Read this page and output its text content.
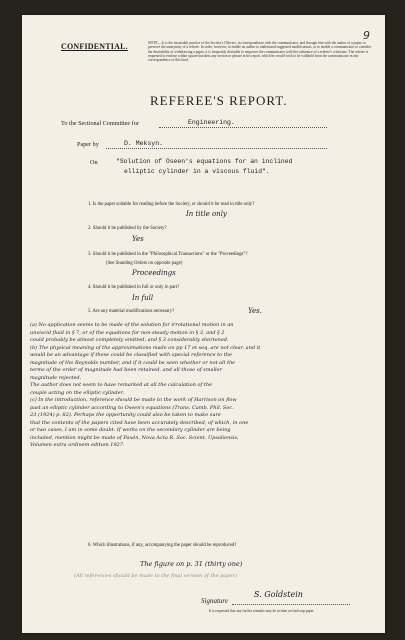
9
CONFIDENTIAL.	NOTE.—It is the invariable practice of the Society's Officers, in correspondence with the communicator, and through him with the author of a paper, to preserve the anonymity of a referee. In order, however, to enable an author to understand suggested modifications, or to enable a communicator to consider the desirability of withdrawing a paper, it is frequently desirable to empower the communicator with the substance of a referee's criticisms. The referee is requested to enclose within square brackets any section or phrase in his report, which he would wish to be withheld from the communicator in any correspondence of this kind.
REFEREE'S REPORT.
To the Sectional Committee for	Engineering.
Paper by	D. Meksyn.
On	"Solution of Oseen's equations for an inclined
elliptic cylinder in a viscous fluid".
1. Is the paper suitable for reading before the Society, or should it be read in title only?
In title only
2. Should it be published by the Society?
Yes
3. Should it be published in the "Philosophical Transactions" or the "Proceedings"?
(See Standing Orders on opposite page)
Proceedings
4. Should it be published in full or only in part?
In full
5. Are any material modifications necessary?	Yes.
(a) No application seems to be made of the solution for irrotational motion in an
unviscid fluid in § 7, or of the equations for non-steady motion in § 3, and § 2
could probably be almost completely omitted, and § 3 considerably shortened.
(b) The physical meaning of the approximations made on pp 17 et seq. are not clear, and it
would be an advantage if these could be classified with special reference to the
magnitude of the Reynolds number, and if it could be seen whether or not all the
terms of the order of magnitude had been retained, and all those of smaller
magnitude rejected.
The author does not seem to have remarked at all the calculation of the
couple acting on the elliptic cylinder.
(c) In the introduction, reference should be made to the work of Harrison on flow
past an elliptic cylinder according to Oseen's equations (Trans. Camb. Phil. Soc.
23 (1924) p. 82). Perhaps the opportunity could also be taken to make sure
that the contents of the papers cited have been accurately described, of which, in one
or two cases, I am in some doubt. If works on the secondary cylinder are being
included, mention might be made of Faxén, Nova Acta R. Soc. Scient. Upsaliensis,
Volumen extra ordinem editum 1927.
6. Which illustrations, if any, accompanying the paper should be reproduced?
The figure on p. 31 (thirty one)
(All references should be made to the final version of the paper)
Signature
S. Goldstein
It is requested that any further remarks may be written on foolscap paper.
